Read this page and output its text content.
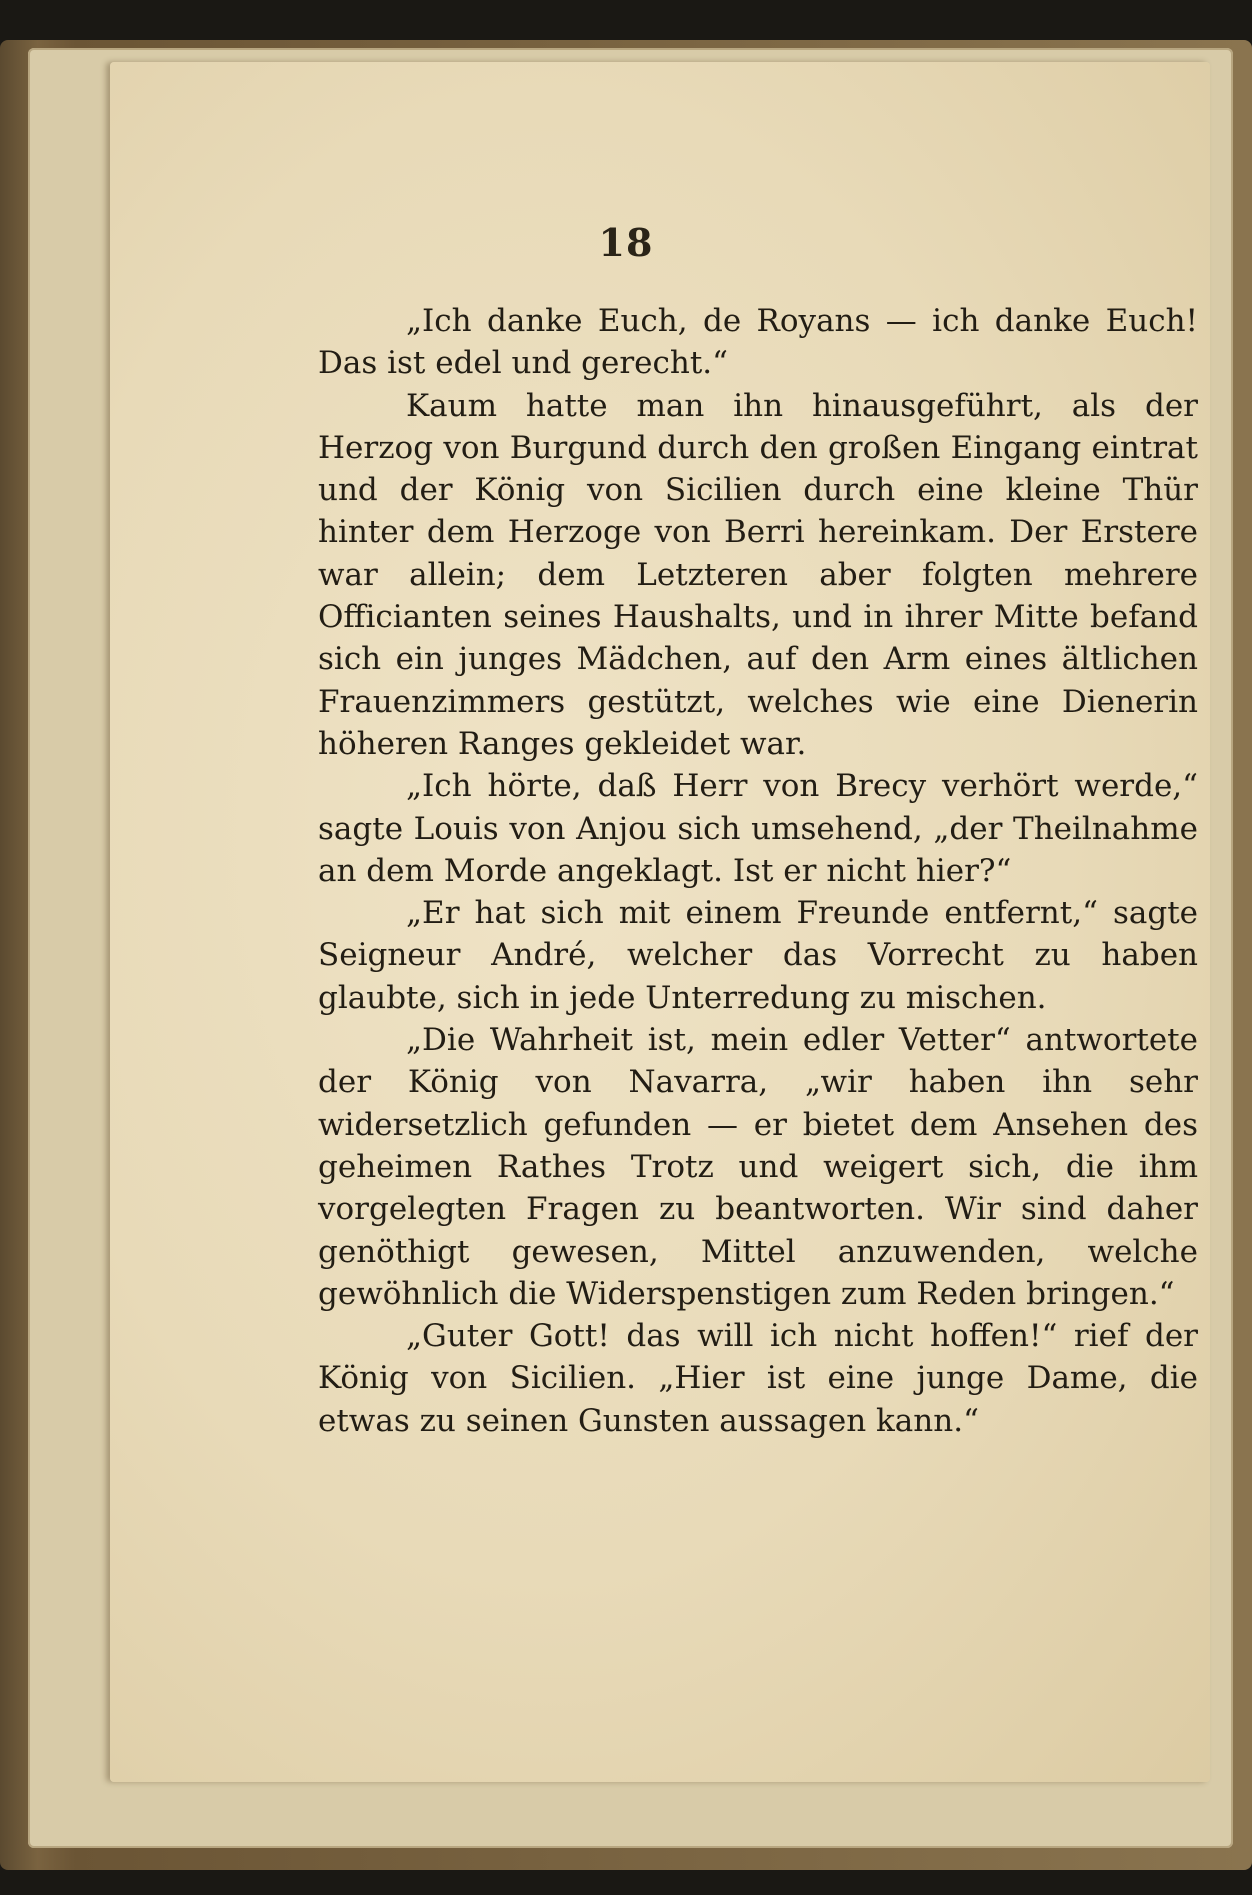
18

„Ich danke Euch, de Royans — ich danke Euch! Das ist edel und gerecht.“

Kaum hatte man ihn hinausgeführt, als der Herzog von Burgund durch den großen Eingang eintrat und der König von Sicilien durch eine kleine Thür hinter dem Herzoge von Berri hereinkam. Der Erstere war allein; dem Letzteren aber folgten mehrere Officianten seines Haushalts, und in ihrer Mitte befand sich ein junges Mädchen, auf den Arm eines ältlichen Frauenzimmers gestützt, welches wie eine Dienerin höheren Ranges gekleidet war.

„Ich hörte, daß Herr von Brecy verhört werde,“ sagte Louis von Anjou sich umsehend, „der Theilnahme an dem Morde angeklagt. Ist er nicht hier?“

„Er hat sich mit einem Freunde entfernt,“ sagte Seigneur André, welcher das Vorrecht zu haben glaubte, sich in jede Unterredung zu mischen.

„Die Wahrheit ist, mein edler Vetter“ antwortete der König von Navarra, „wir haben ihn sehr widersetzlich gefunden — er bietet dem Ansehen des geheimen Rathes Trotz und weigert sich, die ihm vorgelegten Fragen zu beantworten. Wir sind daher genöthigt gewesen, Mittel anzuwenden, welche gewöhnlich die Widerspenstigen zum Reden bringen.“

„Guter Gott! das will ich nicht hoffen!“ rief der König von Sicilien. „Hier ist eine junge Dame, die etwas zu seinen Gunsten aussagen kann.“
